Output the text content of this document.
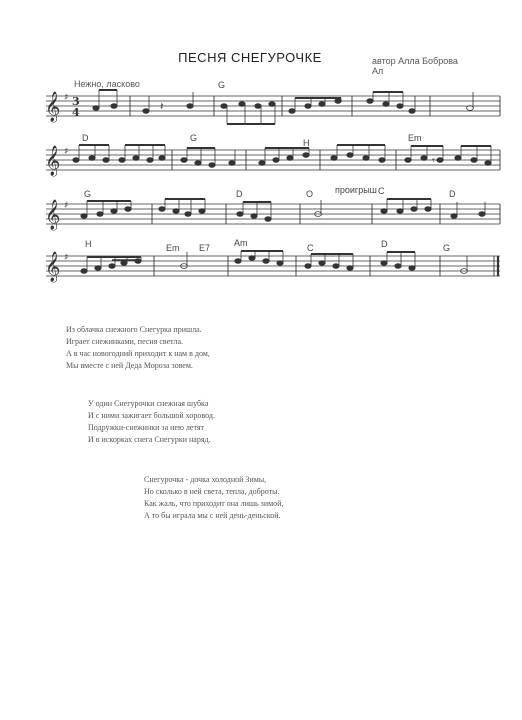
ПЕСНЯ СНЕГУРОЧКЕ	автор Алла Боброва
Ал
Нежно, ласково	G
D	G	H	Em
G	D	O проигрыш C	D
H	Em E7	Am	C	D	G
𝄞
𝄞
𝄞
𝄞
♯
♯
♯
♯
3
4	𝄽
𝄾
Из облачка снежного Снегурка пришла.
Играет снежинками, песня светла.
А в час новогодний приходит к нам в дом,
Мы вместе с ней Деда Мороза зовем.
У один Снегурочки снежная шубка
И с ними зажигает большой хоровод.
Подружки-снежинки за нею летят
И в искорках снега Снегурки наряд.
Снегурочка - дочка холодной Зимы,
Но сколько в ней света, тепла, доброты.
Как жаль, что приходит она лишь зимой,
А то бы играла мы с ней день-деньской.
